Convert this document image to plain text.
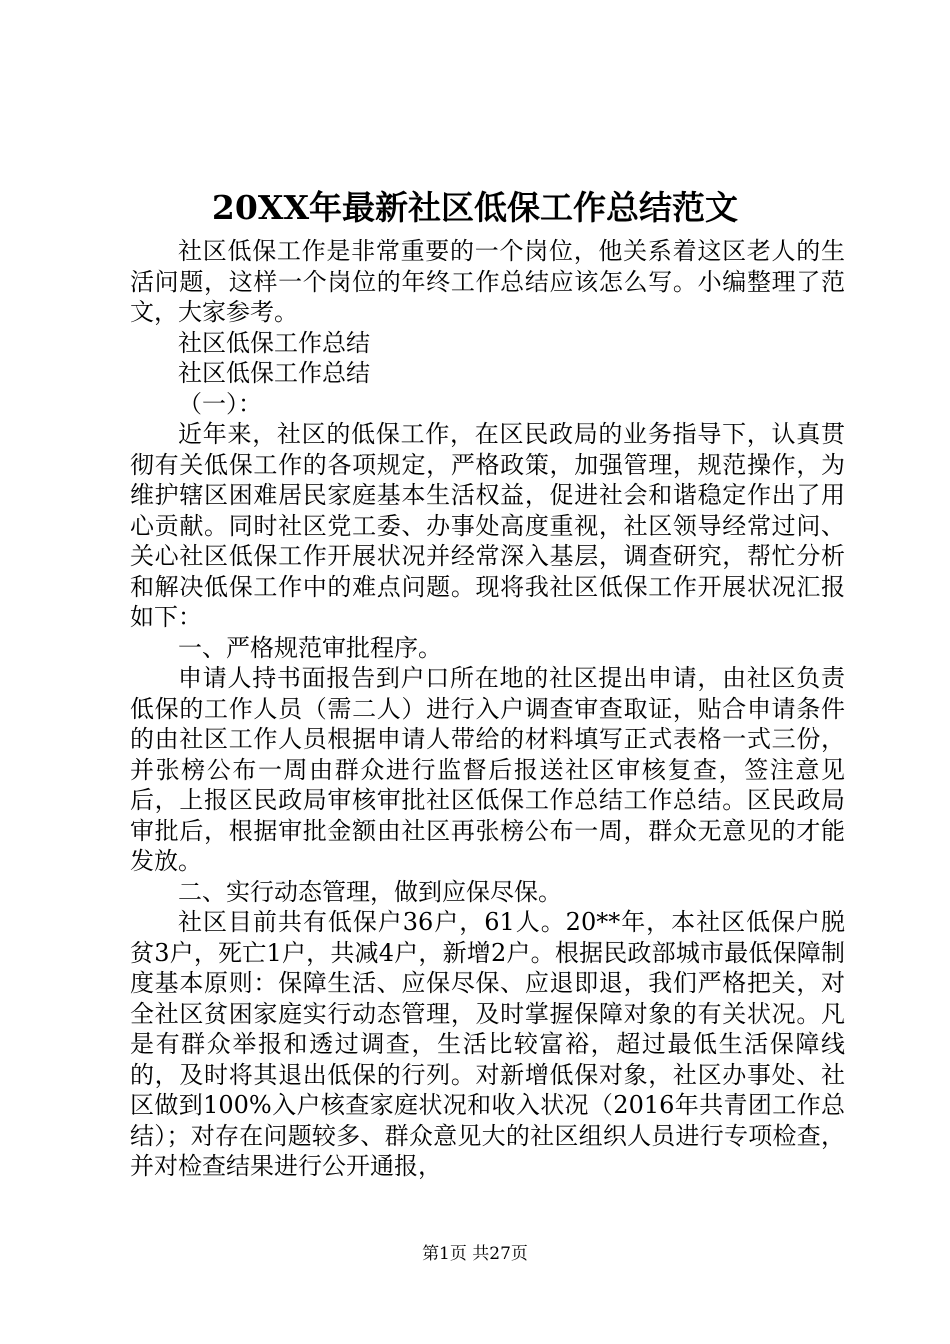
20XX年最新社区低保工作总结范文

社区低保工作是非常重要的一个岗位，他关系着这区老人的生活问题，这样一个岗位的年终工作总结应该怎么写。小编整理了范文，大家参考。

社区低保工作总结

社区低保工作总结

（一）：

近年来，社区的低保工作，在区民政局的业务指导下，认真贯彻有关低保工作的各项规定，严格政策，加强管理，规范操作，为维护辖区困难居民家庭基本生活权益，促进社会和谐稳定作出了用心贡献。同时社区党工委、办事处高度重视，社区领导经常过问、关心社区低保工作开展状况并经常深入基层，调查研究，帮忙分析和解决低保工作中的难点问题。现将我社区低保工作开展状况汇报如下：

一、严格规范审批程序。

申请人持书面报告到户口所在地的社区提出申请，由社区负责低保的工作人员（需二人）进行入户调查审查取证，贴合申请条件的由社区工作人员根据申请人带给的材料填写正式表格一式三份，并张榜公布一周由群众进行监督后报送社区审核复查，签注意见后，上报区民政局审核审批社区低保工作总结工作总结。区民政局审批后，根据审批金额由社区再张榜公布一周，群众无意见的才能发放。

二、实行动态管理，做到应保尽保。

社区目前共有低保户36户，61人。20**年，本社区低保户脱贫3户，死亡1户，共减4户，新增2户。根据民政部城市最低保障制度基本原则：保障生活、应保尽保、应退即退，我们严格把关，对全社区贫困家庭实行动态管理，及时掌握保障对象的有关状况。凡是有群众举报和透过调查，生活比较富裕，超过最低生活保障线的，及时将其退出低保的行列。对新增低保对象，社区办事处、社区做到100%入户核查家庭状况和收入状况（2016年共青团工作总结）；对存在问题较多、群众意见大的社区组织人员进行专项检查，并对检查结果进行公开通报，

第1页 共27页
